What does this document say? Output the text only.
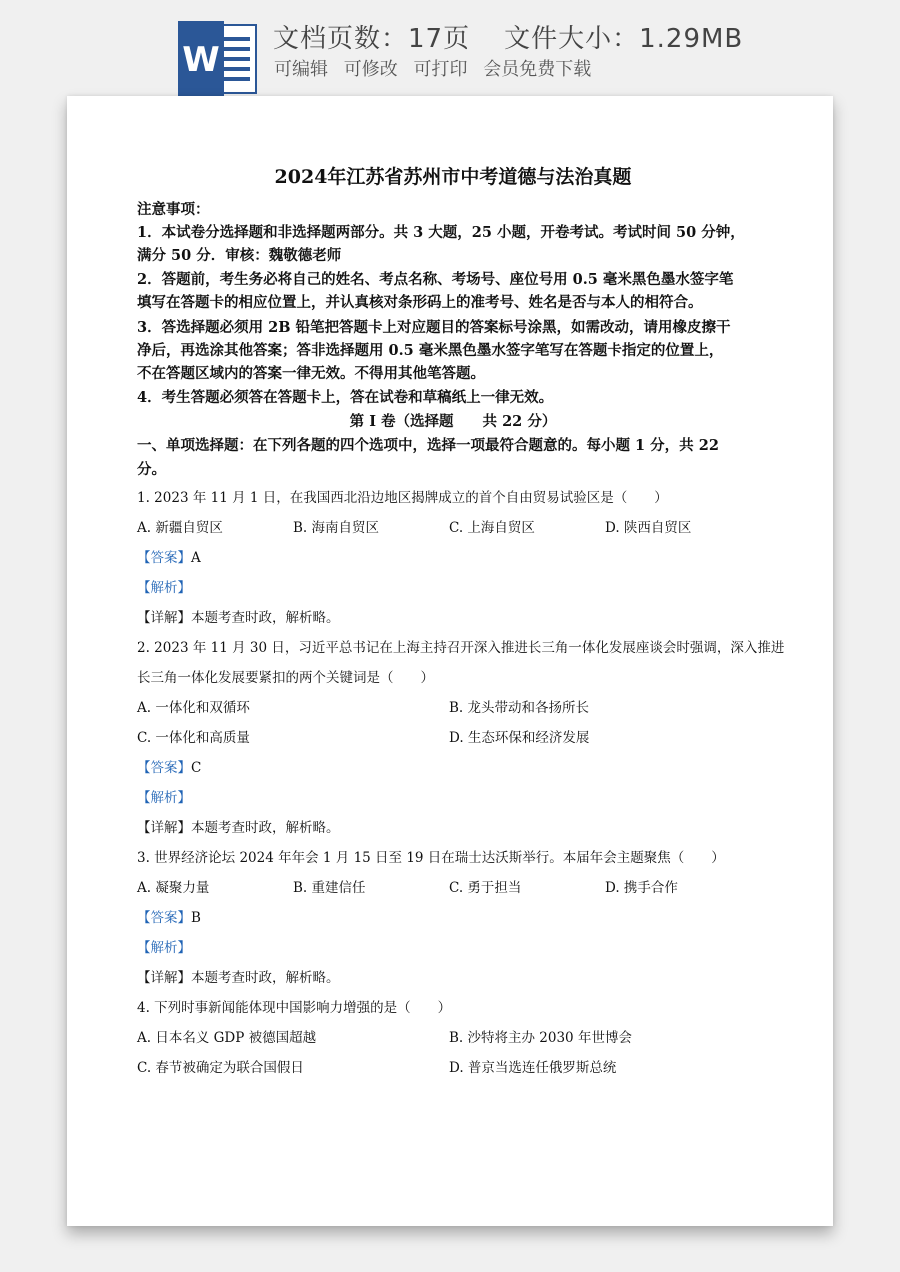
W
文档页数：17页 文件大小：1.29MB
可编辑 可修改 可打印 会员免费下载
2024年江苏省苏州市中考道德与法治真题
注意事项：
1．本试卷分选择题和非选择题两部分。共 3 大题，25 小题，开卷考试。考试时间 50 分钟，
满分 50 分．审核：魏敬德老师
2．答题前，考生务必将自己的姓名、考点名称、考场号、座位号用 0.5 毫米黑色墨水签字笔
填写在答题卡的相应位置上，并认真核对条形码上的准考号、姓名是否与本人的相符合。
3．答选择题必须用 2B 铅笔把答题卡上对应题目的答案标号涂黑，如需改动，请用橡皮擦干
净后，再选涂其他答案；答非选择题用 0.5 毫米黑色墨水签字笔写在答题卡指定的位置上，
不在答题区域内的答案一律无效。不得用其他笔答题。
4．考生答题必须答在答题卡上，答在试卷和草稿纸上一律无效。
第 I 卷（选择题　　共 22 分）
一、单项选择题：在下列各题的四个选项中，选择一项最符合题意的。每小题 1 分，共 22
分。
1. 2023 年 11 月 1 日，在我国西北沿边地区揭牌成立的首个自由贸易试验区是（　　）
A. 新疆自贸区	B. 海南自贸区	C. 上海自贸区	D. 陕西自贸区
【答案】A
【解析】
【详解】本题考查时政，解析略。
2. 2023 年 11 月 30 日，习近平总书记在上海主持召开深入推进长三角一体化发展座谈会时强调，深入推进
长三角一体化发展要紧扣的两个关键词是（　　）
A. 一体化和双循环	B. 龙头带动和各扬所长
C. 一体化和高质量	D. 生态环保和经济发展
【答案】C
【解析】
【详解】本题考查时政，解析略。
3. 世界经济论坛 2024 年年会 1 月 15 日至 19 日在瑞士达沃斯举行。本届年会主题聚焦（　　）
A. 凝聚力量	B. 重建信任	C. 勇于担当	D. 携手合作
【答案】B
【解析】
【详解】本题考查时政，解析略。
4. 下列时事新闻能体现中国影响力增强的是（　　）
A. 日本名义 GDP 被德国超越	B. 沙特将主办 2030 年世博会
C. 春节被确定为联合国假日	D. 普京当选连任俄罗斯总统
